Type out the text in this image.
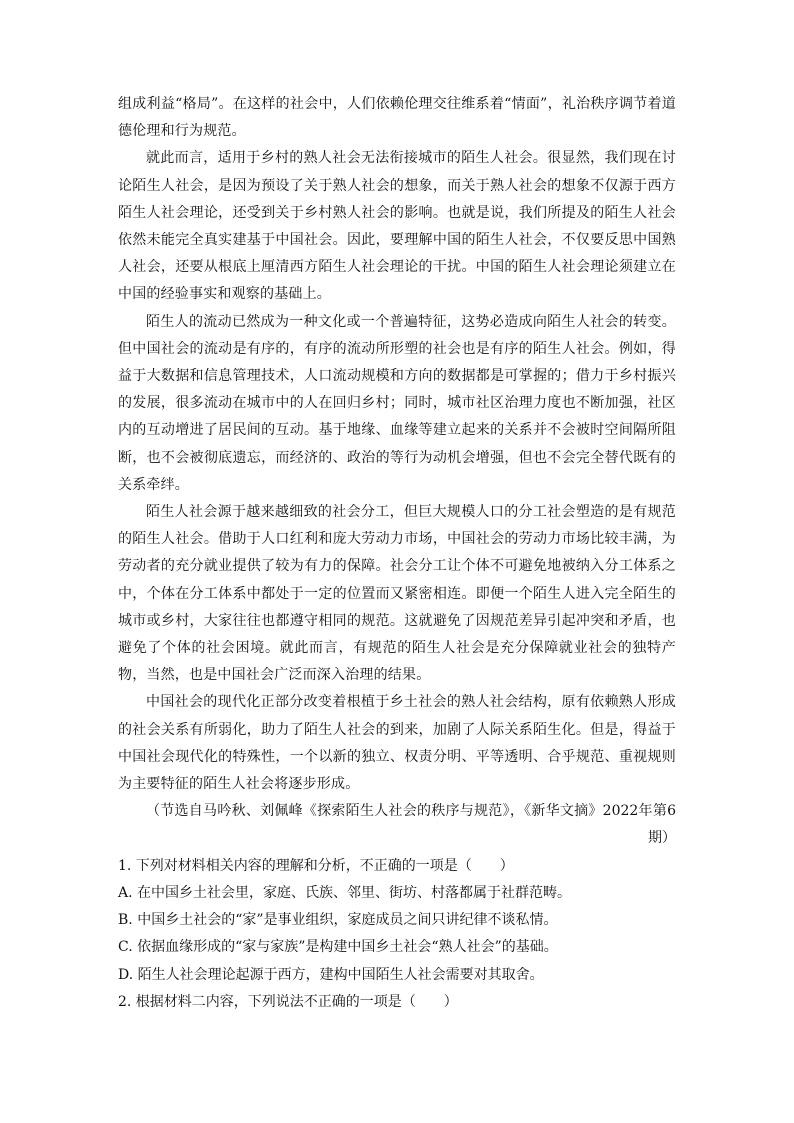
组成利益“格局”。在这样的社会中，人们依赖伦理交往维系着“情面”，礼治秩序调节着道德伦理和行为规范。

就此而言，适用于乡村的熟人社会无法衔接城市的陌生人社会。很显然，我们现在讨论陌生人社会，是因为预设了关于熟人社会的想象，而关于熟人社会的想象不仅源于西方陌生人社会理论，还受到关于乡村熟人社会的影响。也就是说，我们所提及的陌生人社会依然未能完全真实建基于中国社会。因此，要理解中国的陌生人社会，不仅要反思中国熟人社会，还要从根底上厘清西方陌生人社会理论的干扰。中国的陌生人社会理论须建立在中国的经验事实和观察的基础上。

陌生人的流动已然成为一种文化或一个普遍特征，这势必造成向陌生人社会的转变。但中国社会的流动是有序的，有序的流动所形塑的社会也是有序的陌生人社会。例如，得益于大数据和信息管理技术，人口流动规模和方向的数据都是可掌握的；借力于乡村振兴的发展，很多流动在城市中的人在回归乡村；同时，城市社区治理力度也不断加强，社区内的互动增进了居民间的互动。基于地缘、血缘等建立起来的关系并不会被时空间隔所阻断，也不会被彻底遗忘，而经济的、政治的等行为动机会增强，但也不会完全替代既有的关系牵绊。

陌生人社会源于越来越细致的社会分工，但巨大规模人口的分工社会塑造的是有规范的陌生人社会。借助于人口红利和庞大劳动力市场，中国社会的劳动力市场比较丰满，为劳动者的充分就业提供了较为有力的保障。社会分工让个体不可避免地被纳入分工体系之中，个体在分工体系中都处于一定的位置而又紧密相连。即便一个陌生人进入完全陌生的城市或乡村，大家往往也都遵守相同的规范。这就避免了因规范差异引起冲突和矛盾，也避免了个体的社会困境。就此而言，有规范的陌生人社会是充分保障就业社会的独特产物，当然，也是中国社会广泛而深入治理的结果。

中国社会的现代化正部分改变着根植于乡土社会的熟人社会结构，原有依赖熟人形成的社会关系有所弱化，助力了陌生人社会的到来，加剧了人际关系陌生化。但是，得益于中国社会现代化的特殊性，一个以新的独立、权责分明、平等透明、合乎规范、重视规则为主要特征的陌生人社会将逐步形成。

（节选自马吟秋、刘佩峰《探索陌生人社会的秩序与规范》，《新华文摘》2022年第6期）

1. 下列对材料相关内容的理解和分析，不正确的一项是（　　）

A. 在中国乡土社会里，家庭、氏族、邻里、街坊、村落都属于社群范畴。

B. 中国乡土社会的“家”是事业组织，家庭成员之间只讲纪律不谈私情。

C. 依据血缘形成的“家与家族”是构建中国乡土社会“熟人社会”的基础。

D. 陌生人社会理论起源于西方，建构中国陌生人社会需要对其取舍。

2. 根据材料二内容，下列说法不正确的一项是（　　）
